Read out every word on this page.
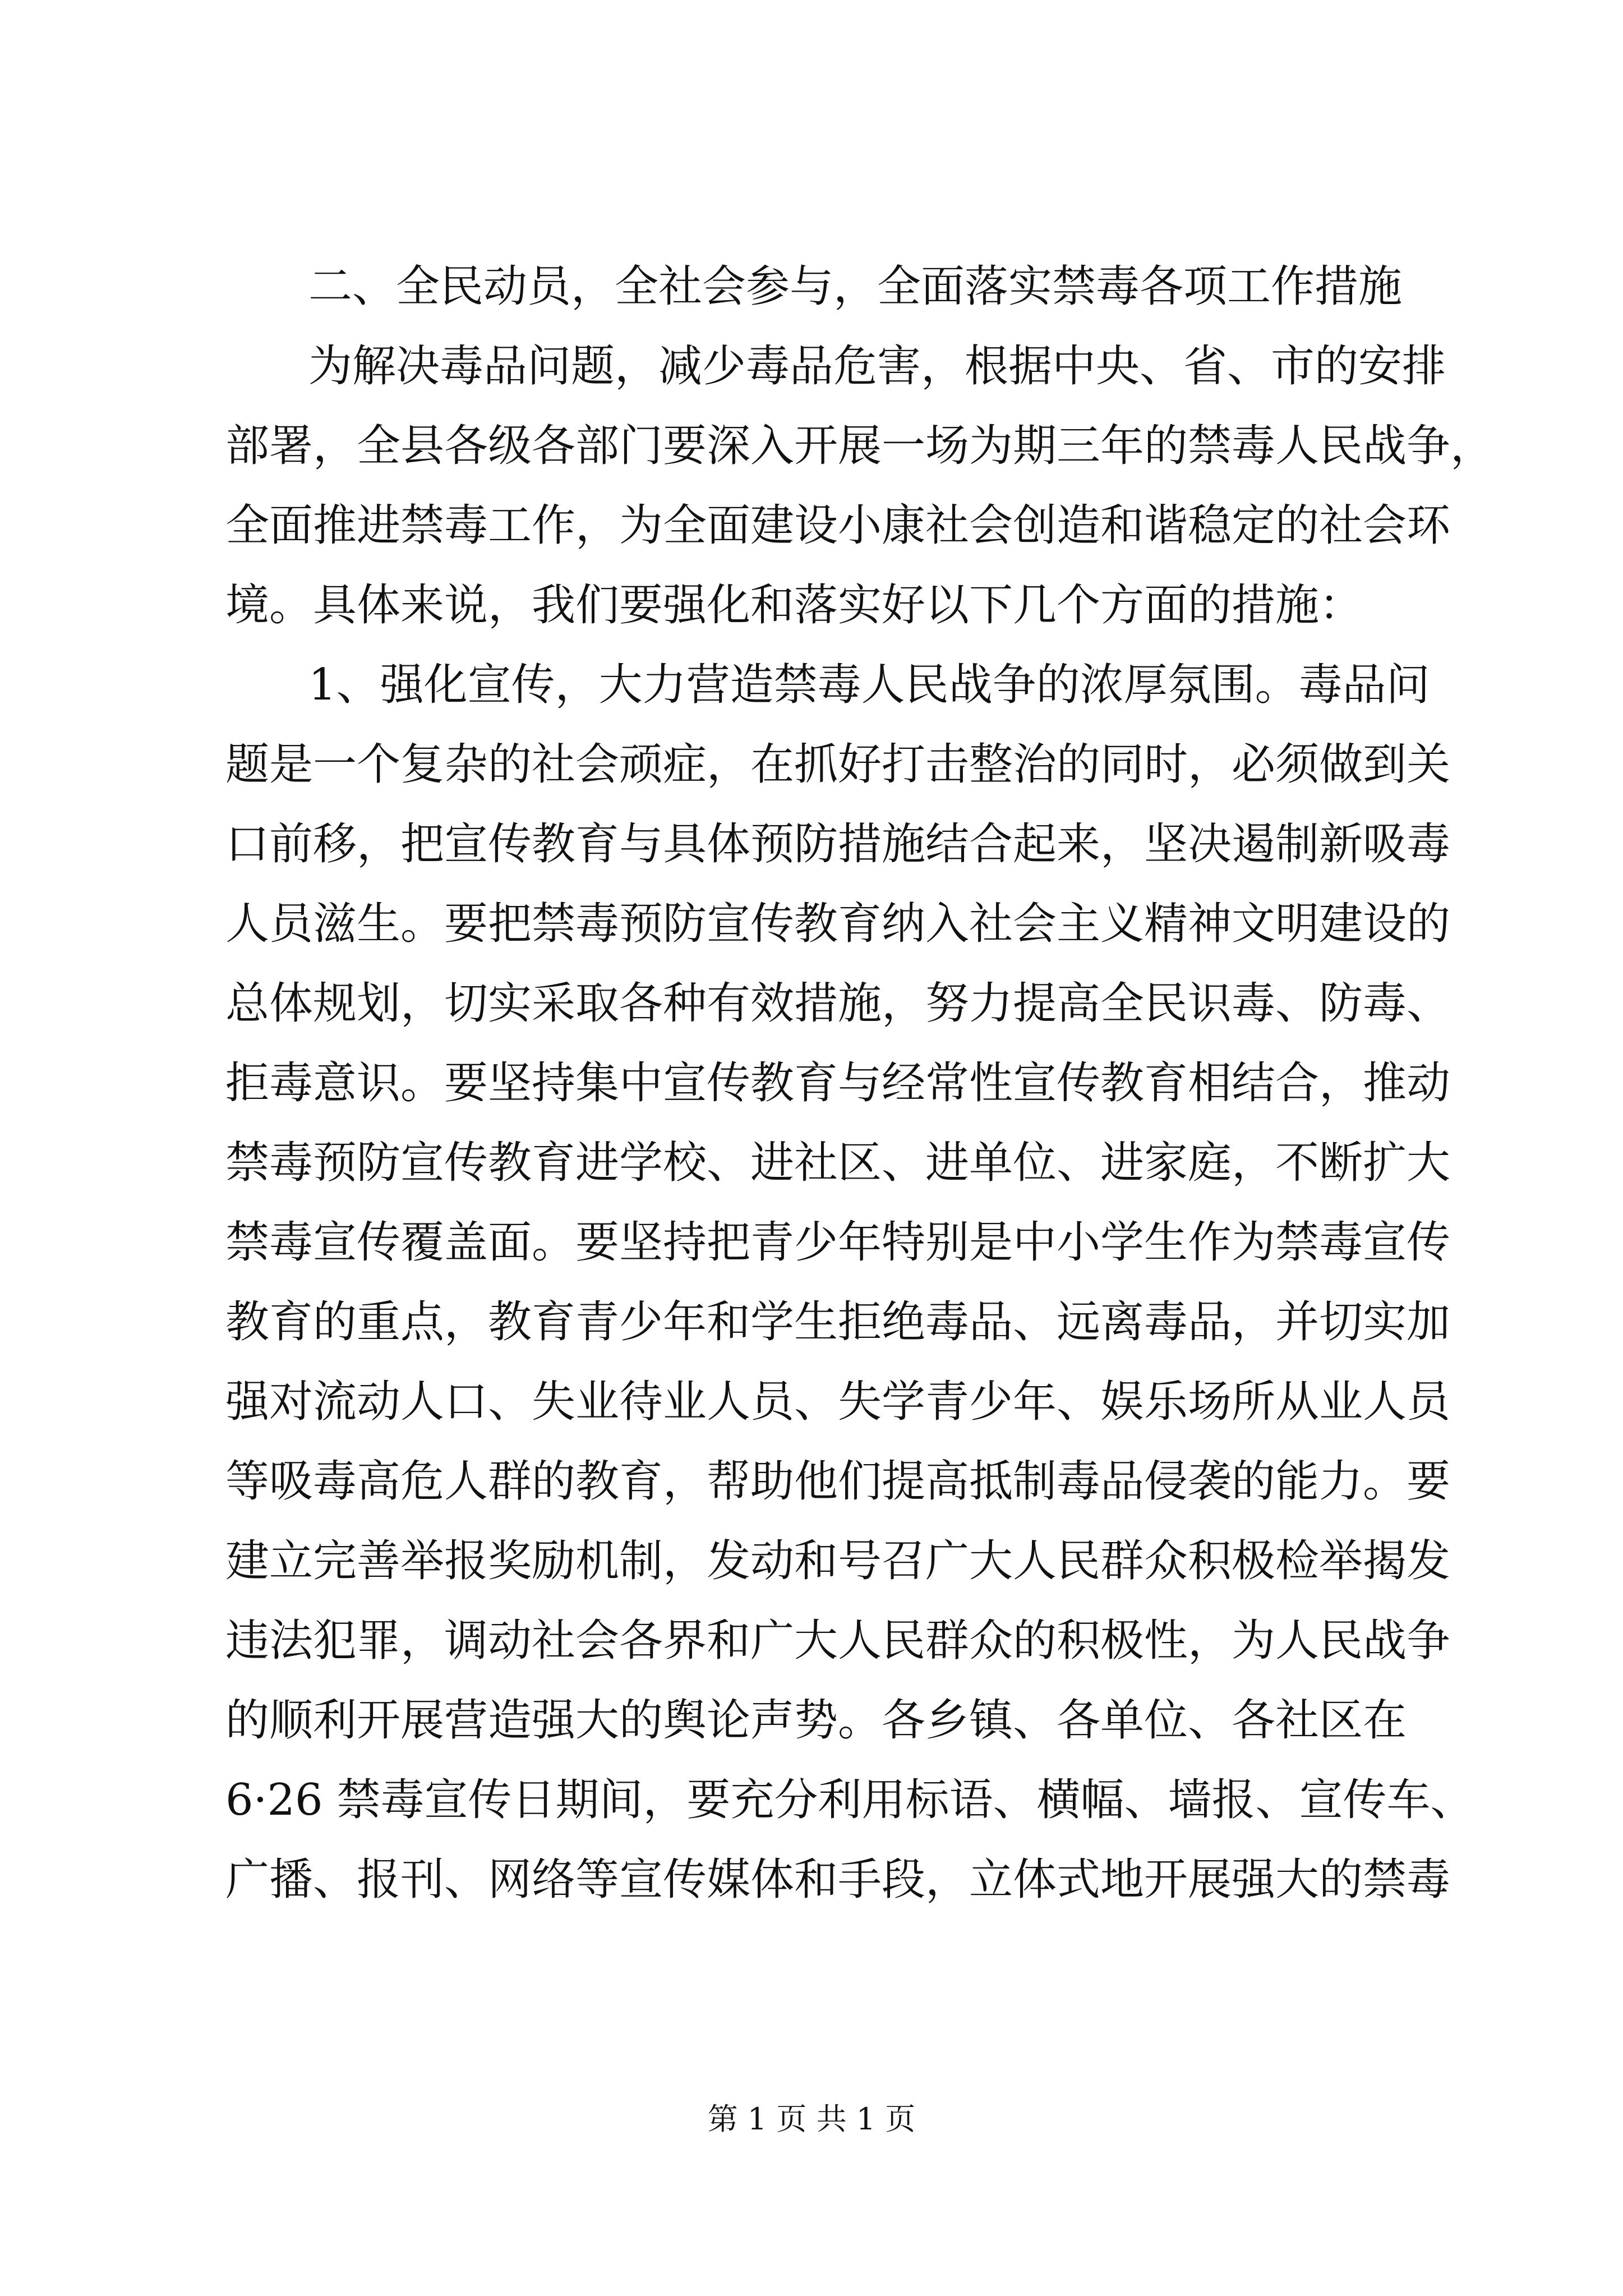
二、全民动员，全社会参与，全面落实禁毒各项工作措施
为解决毒品问题，减少毒品危害，根据中央、省、市的安排
部署，全县各级各部门要深入开展一场为期三年的禁毒人民战争，
全面推进禁毒工作，为全面建设小康社会创造和谐稳定的社会环
境。具体来说，我们要强化和落实好以下几个方面的措施：
1、强化宣传，大力营造禁毒人民战争的浓厚氛围。毒品问
题是一个复杂的社会顽症，在抓好打击整治的同时，必须做到关
口前移，把宣传教育与具体预防措施结合起来，坚决遏制新吸毒
人员滋生。要把禁毒预防宣传教育纳入社会主义精神文明建设的
总体规划，切实采取各种有效措施，努力提高全民识毒、防毒、
拒毒意识。要坚持集中宣传教育与经常性宣传教育相结合，推动
禁毒预防宣传教育进学校、进社区、进单位、进家庭，不断扩大
禁毒宣传覆盖面。要坚持把青少年特别是中小学生作为禁毒宣传
教育的重点，教育青少年和学生拒绝毒品、远离毒品，并切实加
强对流动人口、失业待业人员、失学青少年、娱乐场所从业人员
等吸毒高危人群的教育，帮助他们提高抵制毒品侵袭的能力。要
建立完善举报奖励机制，发动和号召广大人民群众积极检举揭发
违法犯罪，调动社会各界和广大人民群众的积极性，为人民战争
的顺利开展营造强大的舆论声势。各乡镇、各单位、各社区在
6·26 禁毒宣传日期间，要充分利用标语、横幅、墙报、宣传车、
广播、报刊、网络等宣传媒体和手段，立体式地开展强大的禁毒
第 1 页 共 1 页
